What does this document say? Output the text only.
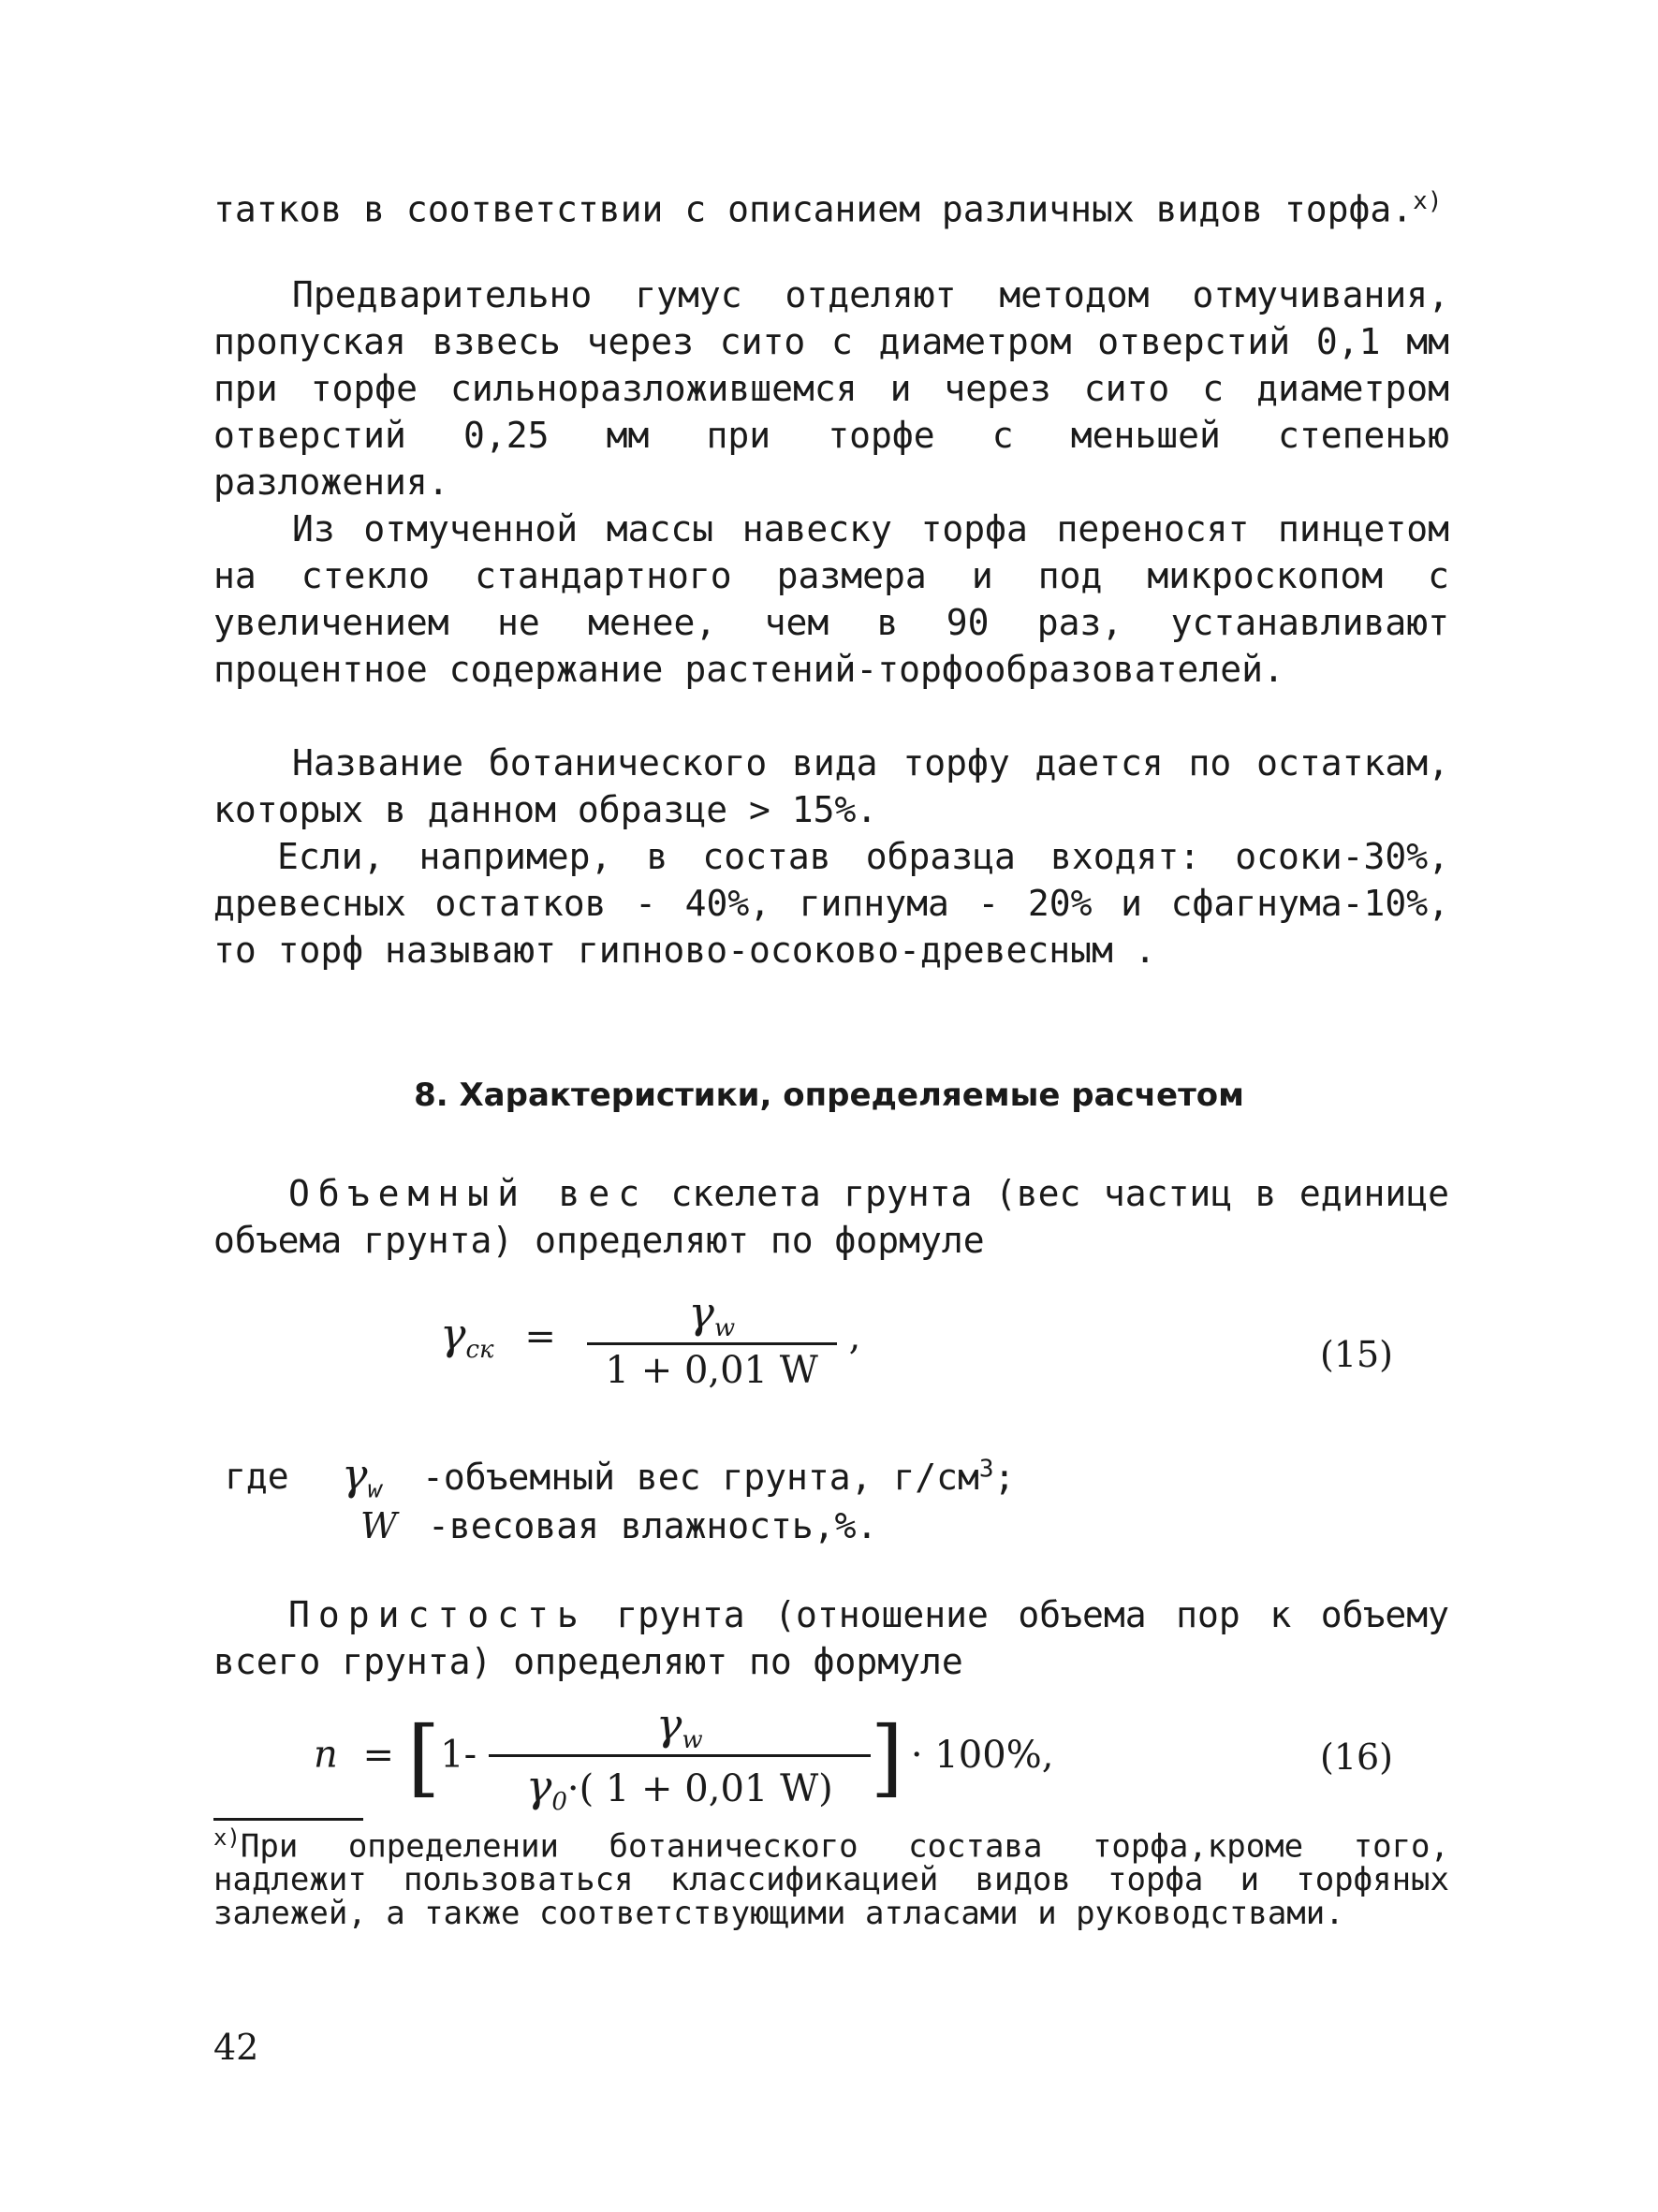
татков в соответствии с описанием различных видов торфа.$^{x)}$

Предварительно гумус отделяют методом отмучивания, пропуская взвесь через сито с диаметром отверстий 0,1 мм при торфе сильноразложившемся и через сито с диаметром отверстий 0,25 мм при торфе с меньшей степенью разложения.

Из отмученной массы навеску торфа переносят пинцетом на стекло стандартного размера и под микроскопом с увеличением не менее, чем в 90 раз, устанавливают процентное содержание растений-торфообразователей.

Название ботанического вида торфу дается по остаткам, которых в данном образце > 15%.

Если, например, в состав образца входят: осоки-30%, древесных остатков - 40%, гипнума - 20% и сфагнума-10%, то торф называют гипново-осоково-древесным .

8. Характеристики, определяемые расчетом

Объемный вес скелета грунта (вес частиц в единице объема грунта) определяют по формуле

$\gamma_{ск} = \frac{\gamma_w}{1 + 0,01 W}$ ,	(15)
где $\gamma_w$ -объемный вес грунта, $г/см^3$;
W -весовая влажность,%.

Пористость грунта (отношение объема пор к объему всего грунта) определяют по формуле

$n = [1- \frac{\gamma_w}{\gamma_0\cdot( 1 + 0,01 W)}$ ] · 100%,	(16)

$^{x)}$При определении ботанического состава торфа,кроме того, надлежит пользоваться классификацией видов торфа и торфяных залежей, а также соответствующими атласами и руководствами.

42
